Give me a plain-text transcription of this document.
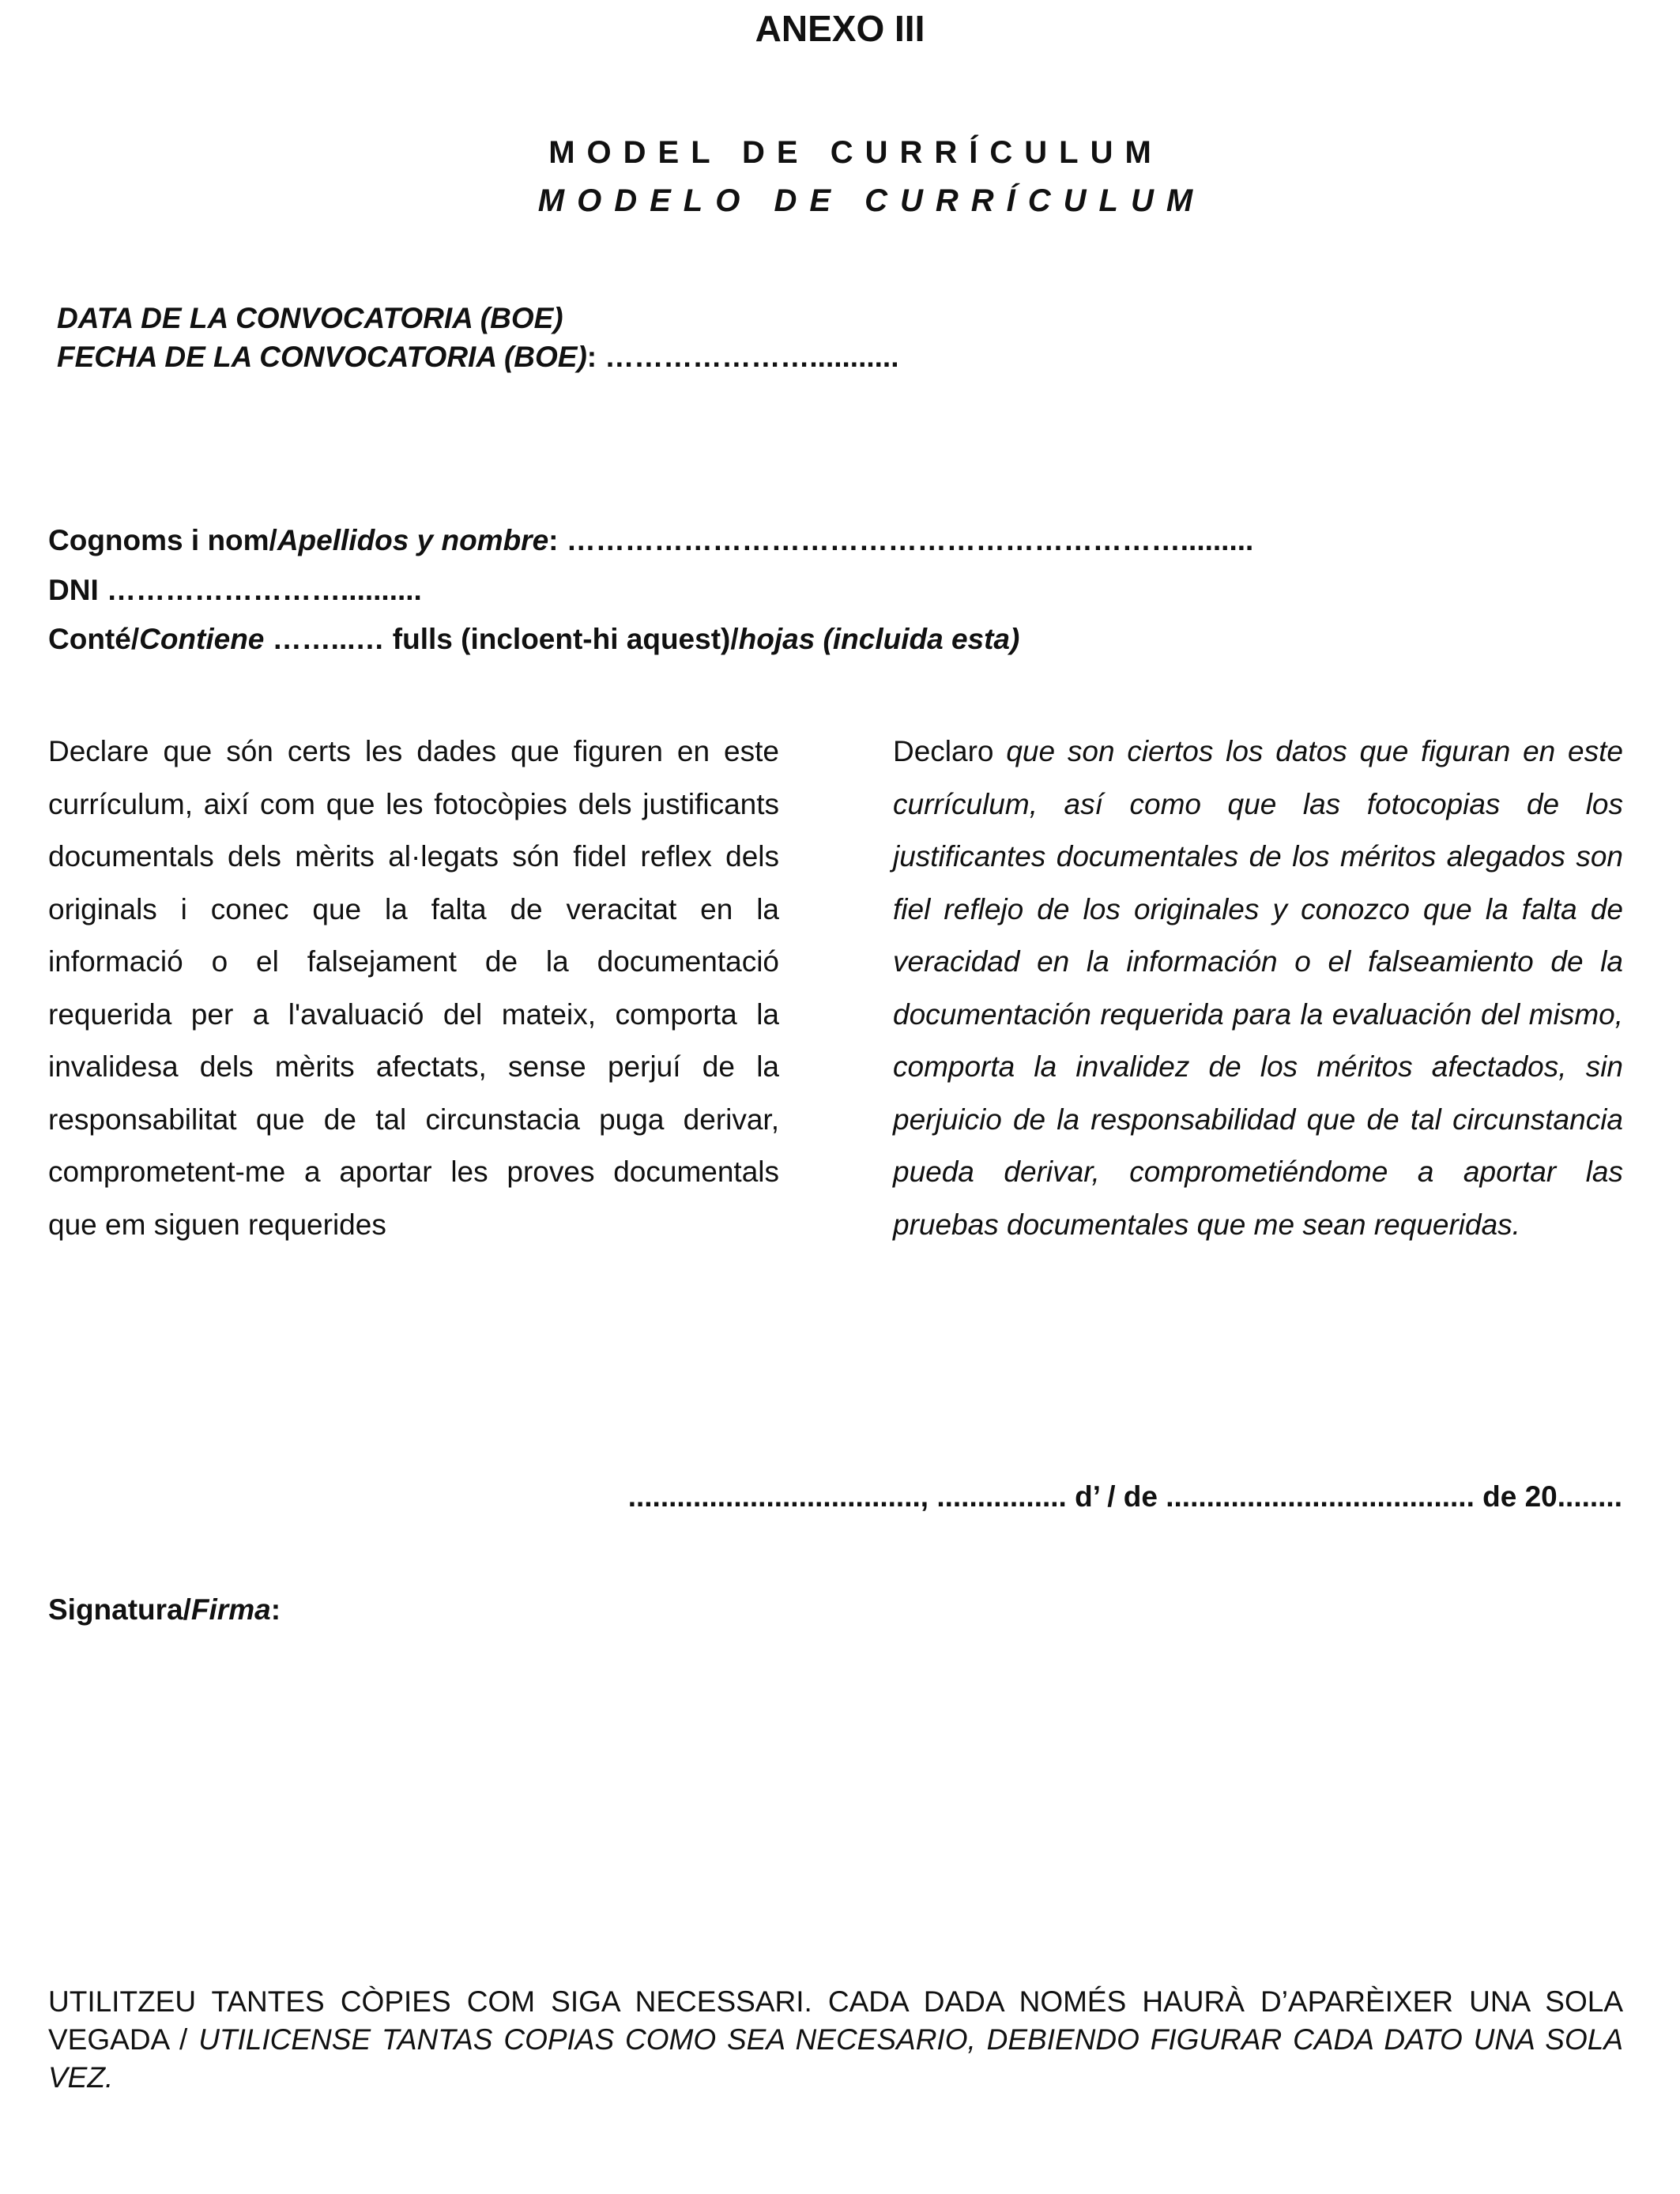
ANEXO III
MODEL DE CURRÍCULUM
MODELO DE CURRÍCULUM
DATA DE LA CONVOCATORIA (BOE)
FECHA DE LA CONVOCATORIA (BOE): …………………...........
Cognoms i nom/Apellidos y nombre: ……………………………………………………….........
DNI ……………………..........
Conté/Contiene ……...… fulls (incloent-hi aquest)/hojas (incluida esta)
Declare que són certs les dades que figuren en este currículum, així com que les fotocòpies dels justificants documentals dels mèrits al·legats són fidel reflex dels originals i conec que la falta de veracitat en la informació o el falsejament de la documentació requerida per a l'avaluació del mateix, comporta la invalidesa dels mèrits afectats, sense perjuí de la responsabilitat que de tal circunstacia puga derivar, comprometent-me a aportar les proves documentals que em siguen requerides
Declaro que son ciertos los datos que figuran en este currículum, así como que las fotocopias de los justificantes documentales de los méritos alegados son fiel reflejo de los originales y conozco que la falta de veracidad en la información o el falseamiento de la documentación requerida para la evaluación del mismo, comporta la invalidez de los méritos afectados, sin perjuicio de la responsabilidad que de tal circunstancia pueda derivar, comprometiéndome a aportar las pruebas documentales que me sean requeridas.
...................................., ................ d’ / de ...................................... de 20........
Signatura/Firma:
UTILITZEU TANTES CÒPIES COM SIGA NECESSARI. CADA DADA NOMÉS HAURÀ D’APARÈIXER UNA SOLA VEGADA / UTILICENSE TANTAS COPIAS COMO SEA NECESARIO, DEBIENDO FIGURAR CADA DATO UNA SOLA VEZ.
